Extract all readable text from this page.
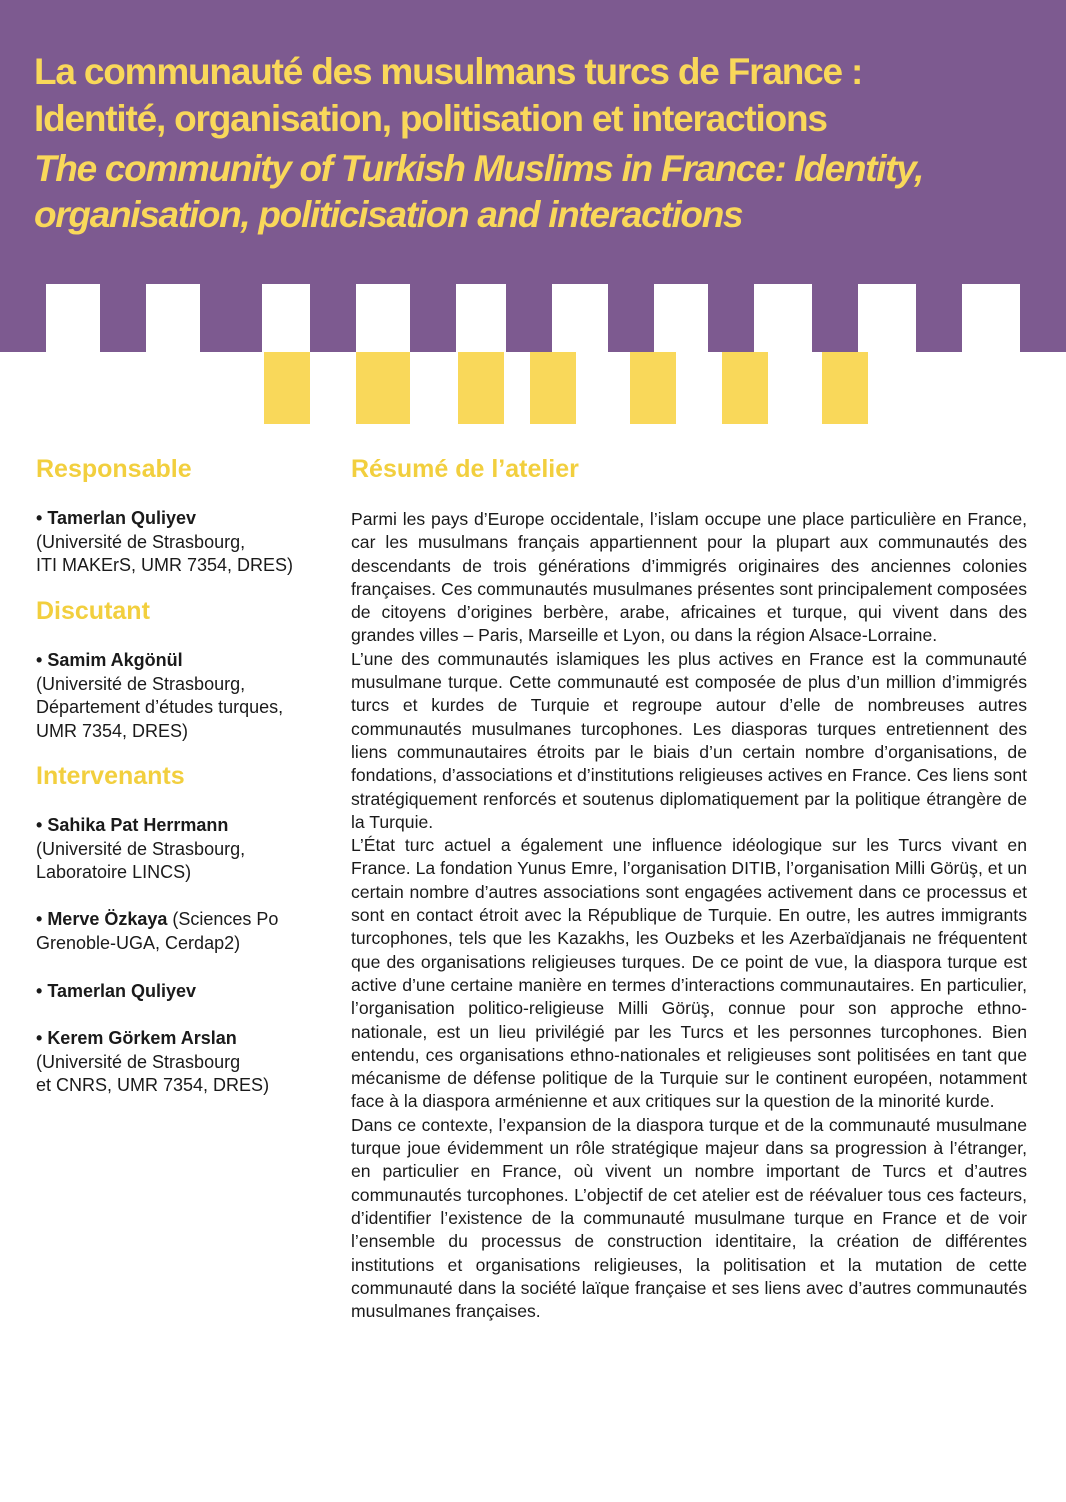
La communauté des musulmans turcs de France :
Identité, organisation, politisation et interactions
The community of Turkish Muslims in France: Identity,
organisation, politicisation and interactions
Responsable
• Tamerlan Quliyev
(Université de Strasbourg,
ITI MAKErS, UMR 7354, DRES)
Discutant
• Samim Akgönül
(Université de Strasbourg,
Département d’études turques,
UMR 7354, DRES)
Intervenants
• Sahika Pat Herrmann
(Université de Strasbourg,
Laboratoire LINCS)
• Merve Özkaya (Sciences Po
Grenoble-UGA, Cerdap2)
• Tamerlan Quliyev
• Kerem Görkem Arslan
(Université de Strasbourg
et CNRS, UMR 7354, DRES)
Résumé de l’atelier

Parmi les pays d’Europe occidentale, l’islam occupe une place particulière en France, car les musulmans français appartiennent pour la plupart aux communautés des descendants de trois générations d’immigrés originaires des anciennes colonies françaises. Ces communautés musulmanes présentes sont principalement composées de citoyens d’origines berbère, arabe, africaines et turque, qui vivent dans des grandes villes – Paris, Marseille et Lyon, ou dans la région Alsace-Lorraine.

L’une des communautés islamiques les plus actives en France est la communauté musulmane turque. Cette communauté est composée de plus d’un million d’immigrés turcs et kurdes de Turquie et regroupe autour d’elle de nombreuses autres communautés musulmanes turcophones. Les diasporas turques entretiennent des liens communautaires étroits par le biais d’un certain nombre d’organisations, de fondations, d’associations et d’institutions religieuses actives en France. Ces liens sont stratégiquement renforcés et soutenus diplomatiquement par la politique étrangère de la Turquie.

L’État turc actuel a également une influence idéologique sur les Turcs vivant en France. La fondation Yunus Emre, l’organisation DITIB, l’organisation Milli Görüş, et un certain nombre d’autres associations sont engagées activement dans ce processus et sont en contact étroit avec la République de Turquie. En outre, les autres immigrants turcophones, tels que les Kazakhs, les Ouzbeks et les Azerbaïdjanais ne fréquentent que des organisations religieuses turques. De ce point de vue, la diaspora turque est active d’une certaine manière en termes d’interactions communautaires. En particulier, l’organisation politico-religieuse Milli Görüş, connue pour son approche ethno-nationale, est un lieu privilégié par les Turcs et les personnes turcophones. Bien entendu, ces organisations ethno-nationales et religieuses sont politisées en tant que mécanisme de défense politique de la Turquie sur le continent européen, notamment face à la diaspora arménienne et aux critiques sur la question de la minorité kurde.

Dans ce contexte, l’expansion de la diaspora turque et de la communauté musulmane turque joue évidemment un rôle stratégique majeur dans sa progression à l’étranger, en particulier en France, où vivent un nombre important de Turcs et d’autres communautés turcophones. L’objectif de cet atelier est de réévaluer tous ces facteurs, d’identifier l’existence de la communauté musulmane turque en France et de voir l’ensemble du processus de construction identitaire, la création de différentes institutions et organisations religieuses, la politisation et la mutation de cette communauté dans la société laïque française et ses liens avec d’autres communautés musulmanes françaises.
